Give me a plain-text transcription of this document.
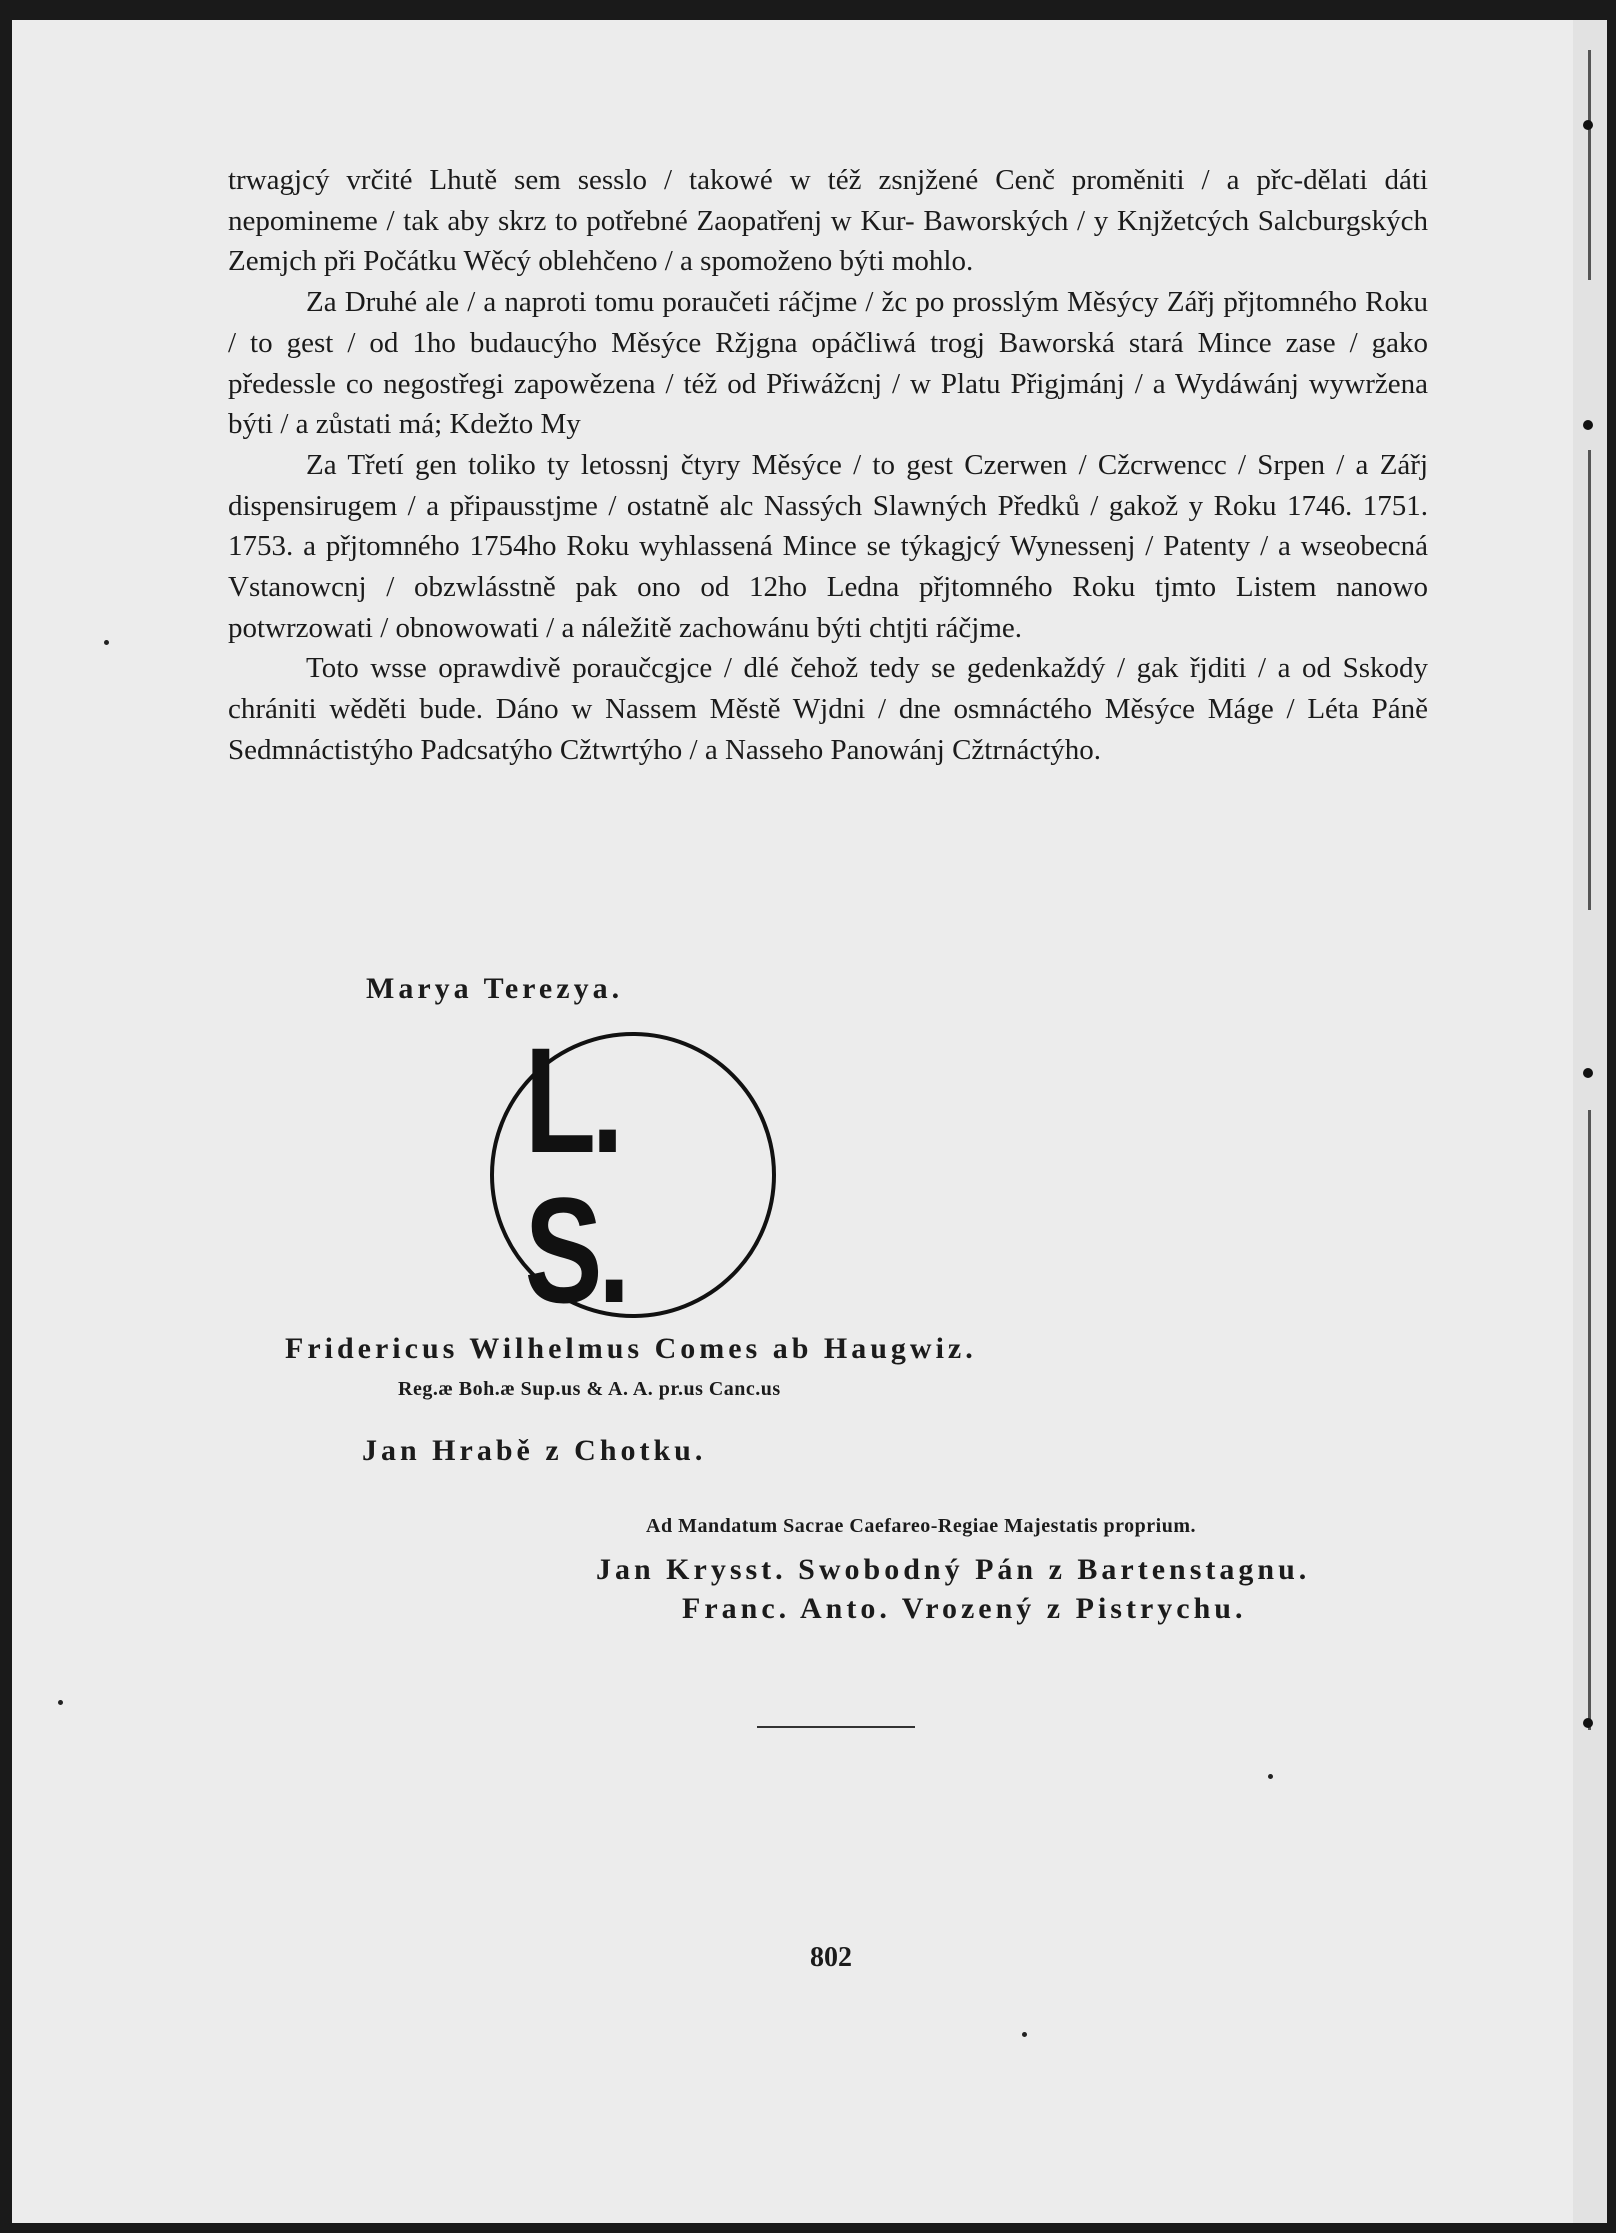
trwagjcý vrčité Lhutě sem sesslo / takowé w též zsnjžené Cenč proměniti / a přc-dělati dáti nepomineme / tak aby skrz to potřebné Zaopatřenj w Kur- Baworských / y Knjžetcých Salcburgských Zemjch při Počátku Wěcý oblehčeno / a spomoženo býti mohlo.

Za Druhé ale / a naproti tomu poraučeti ráčjme / žc po prosslým Měsýcy Zářj přjtomného Roku / to gest / od 1ho budaucýho Měsýce Ržjgna opáčliwá trogj Baworská stará Mince zase / gako předessle co negostřegi zapowězena / též od Přiwážcnj / w Platu Přigjmánj / a Wydáwánj wywržena býti / a zůstati má; Kdežto My

Za Třetí gen toliko ty letossnj čtyry Měsýce / to gest Czerwen / Cžcrwencc / Srpen / a Zářj dispensirugem / a připausstjme / ostatně alc Nassých Slawných Předků / gakož y Roku 1746. 1751. 1753. a přjtomného 1754ho Roku wyhlassená Mince se týkagjcý Wynessenj / Patenty / a wseobecná Vstanowcnj / obzwlásstně pak ono od 12ho Ledna přjtomného Roku tjmto Listem nanowo potwrzowati / obnowowati / a náležitě zachowánu býti chtjti ráčjme.

Toto wsse oprawdivě poraučcgjce / dlé čehož tedy se gedenkaždý / gak řjditi / a od Sskody chrániti wěděti bude. Dáno w Nassem Městě Wjdni / dne osmnáctého Měsýce Máge / Léta Páně Sedmnáctistýho Padcsatýho Cžtwrtýho / a Nasseho Panowánj Cžtrnáctýho.

Marya Terezya.
L. S.
Fridericus Wilhelmus Comes ab Haugwiz.
Reg.æ Boh.æ Sup.us & A. A. pr.us Canc.us
Jan Hrabě z Chotku.
Ad Mandatum Sacrae Caefareo-Regiae Majestatis proprium.
Jan Krysst. Swobodný Pán z Bartenstagnu.
Franc. Anto. Vrozený z Pistrychu.
802
